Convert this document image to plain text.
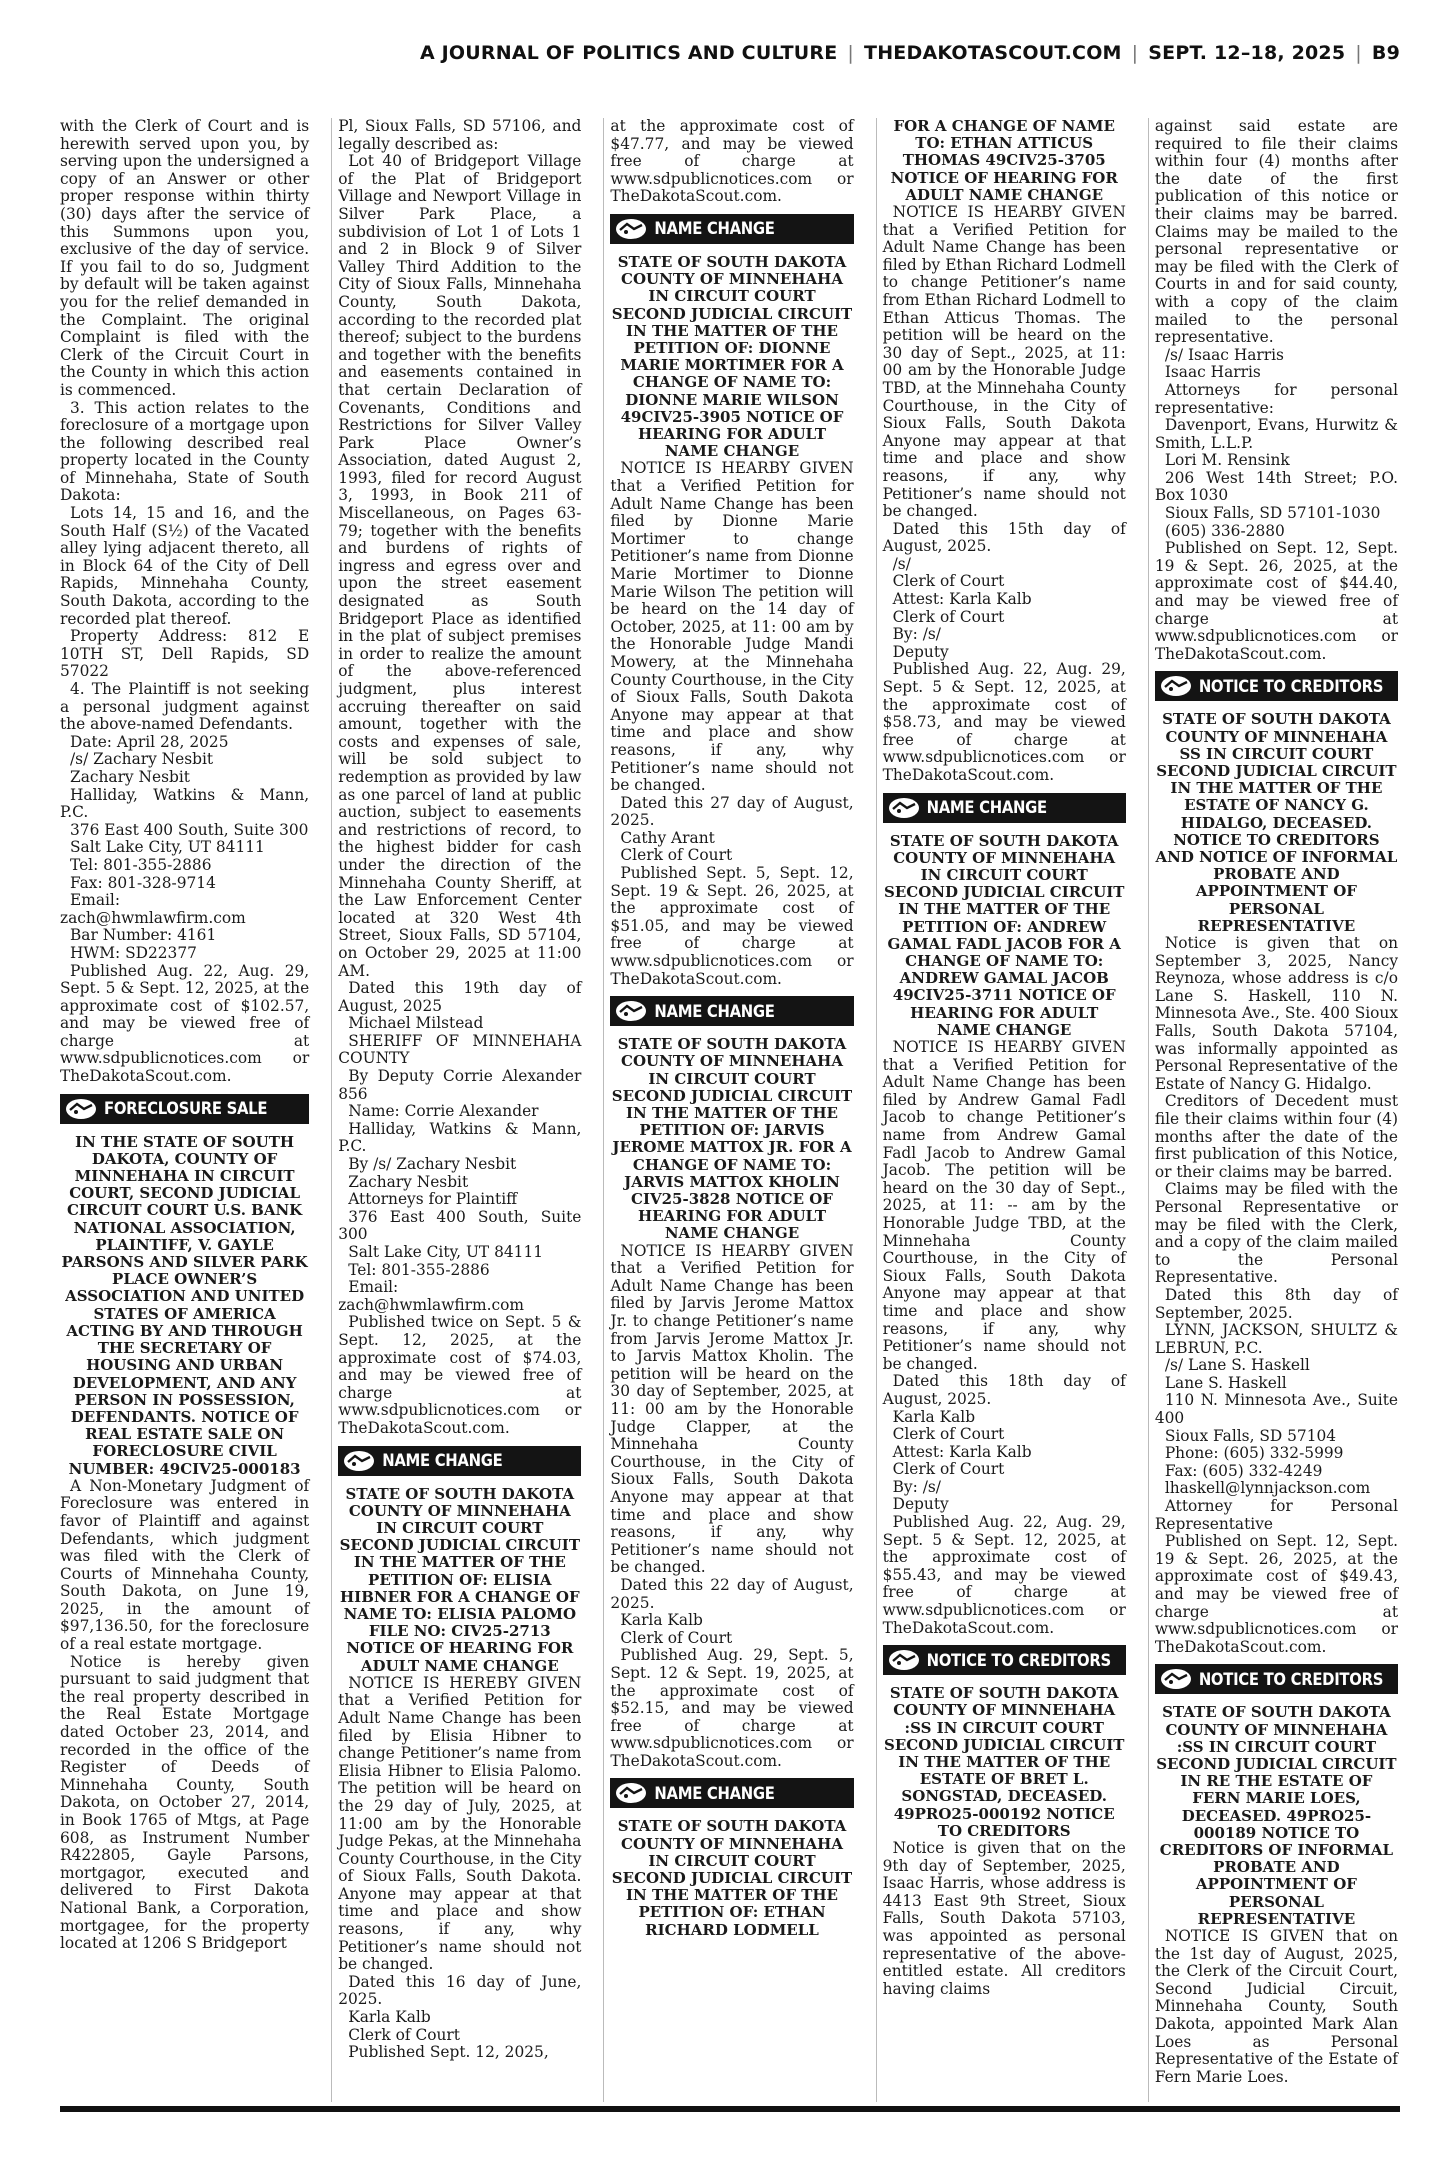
A JOURNAL OF POLITICS AND CULTURE | THEDAKOTASCOUT.COM | SEPT. 12–18, 2025 | B9

with the Clerk of Court and is herewith served upon you, by serving upon the undersigned a copy of an Answer or other proper response within thirty (30) days after the service of this Summons upon you, exclusive of the day of service. If you fail to do so, Judgment by default will be taken against you for the relief demanded in the Complaint. The original Complaint is filed with the Clerk of the Circuit Court in the County in which this action is commenced.

3. This action relates to the foreclosure of a mortgage upon the following described real property located in the County of Minnehaha, State of South Dakota:

Lots 14, 15 and 16, and the South Half (S½) of the Vacated alley lying adjacent thereto, all in Block 64 of the City of Dell Rapids, Minnehaha County, South Dakota, according to the recorded plat thereof.

Property Address: 812 E 10TH ST, Dell Rapids, SD 57022

4. The Plaintiff is not seeking a personal judgment against the above-named Defendants.

Date: April 28, 2025

/s/ Zachary Nesbit

Zachary Nesbit

Halliday, Watkins & Mann, P.C.

376 East 400 South, Suite 300

Salt Lake City, UT 84111

Tel: 801-355-2886

Fax: 801-328-9714

Email: zach@hwmlawfirm.com

Bar Number: 4161

HWM: SD22377

Published Aug. 22, Aug. 29, Sept. 5 & Sept. 12, 2025, at the approximate cost of $102.57, and may be viewed free of charge at www.sdpublicnotices.com or TheDakotaScout.com.

FORECLOSURE SALE

IN THE STATE OF SOUTH DAKOTA, COUNTY OF MINNEHAHA IN CIRCUIT COURT, SECOND JUDICIAL CIRCUIT COURT U.S. BANK NATIONAL ASSOCIATION, PLAINTIFF, V. GAYLE PARSONS AND SILVER PARK PLACE OWNER’S ASSOCIATION AND UNITED STATES OF AMERICA ACTING BY AND THROUGH THE SECRETARY OF HOUSING AND URBAN DEVELOPMENT, AND ANY PERSON IN POSSESSION, DEFENDANTS. NOTICE OF REAL ESTATE SALE ON FORECLOSURE CIVIL NUMBER: 49CIV25-000183

A Non-Monetary Judgment of Foreclosure was entered in favor of Plaintiff and against Defendants, which judgment was filed with the Clerk of Courts of Minnehaha County, South Dakota, on June 19, 2025, in the amount of $97,136.50, for the foreclosure of a real estate mortgage.

Notice is hereby given pursuant to said judgment that the real property described in the Real Estate Mortgage dated October 23, 2014, and recorded in the office of the Register of Deeds of Minnehaha County, South Dakota, on October 27, 2014, in Book 1765 of Mtgs, at Page 608, as Instrument Number R422805, Gayle Parsons, mortgagor, executed and delivered to First Dakota National Bank, a Corporation, mortgagee, for the property located at 1206 S Bridgeport

Pl, Sioux Falls, SD 57106, and legally described as:

Lot 40 of Bridgeport Village of the Plat of Bridgeport Village and Newport Village in Silver Park Place, a subdivision of Lot 1 of Lots 1 and 2 in Block 9 of Silver Valley Third Addition to the City of Sioux Falls, Minnehaha County, South Dakota, according to the recorded plat thereof; subject to the burdens and together with the benefits and easements contained in that certain Declaration of Covenants, Conditions and Restrictions for Silver Valley Park Place Owner’s Association, dated August 2, 1993, filed for record August 3, 1993, in Book 211 of Miscellaneous, on Pages 63-79; together with the benefits and burdens of rights of ingress and egress over and upon the street easement designated as South Bridgeport Place as identified in the plat of subject premises in order to realize the amount of the above-referenced judgment, plus interest accruing thereafter on said amount, together with the costs and expenses of sale, will be sold subject to redemption as provided by law as one parcel of land at public auction, subject to easements and restrictions of record, to the highest bidder for cash under the direction of the Minnehaha County Sheriff, at the Law Enforcement Center located at 320 West 4th Street, Sioux Falls, SD 57104, on October 29, 2025 at 11:00 AM.

Dated this 19th day of August, 2025

Michael Milstead

SHERIFF OF MINNEHAHA COUNTY

By Deputy Corrie Alexander 856

Name: Corrie Alexander

Halliday, Watkins & Mann, P.C.

By /s/ Zachary Nesbit

Zachary Nesbit

Attorneys for Plaintiff

376 East 400 South, Suite 300

Salt Lake City, UT 84111

Tel: 801-355-2886

Email: zach@hwmlawfirm.com

Published twice on Sept. 5 & Sept. 12, 2025, at the approximate cost of $74.03, and may be viewed free of charge at www.sdpublicnotices.com or TheDakotaScout.com.

NAME CHANGE

STATE OF SOUTH DAKOTA COUNTY OF MINNEHAHA IN CIRCUIT COURT SECOND JUDICIAL CIRCUIT IN THE MATTER OF THE PETITION OF: ELISIA HIBNER FOR A CHANGE OF NAME TO: ELISIA PALOMO FILE NO: CIV25-2713 NOTICE OF HEARING FOR ADULT NAME CHANGE

NOTICE IS HEREBY GIVEN that a Verified Petition for Adult Name Change has been filed by Elisia Hibner to change Petitioner’s name from Elisia Hibner to Elisia Palomo. The petition will be heard on the 29 day of July, 2025, at 11:00 am by the Honorable Judge Pekas, at the Minnehaha County Courthouse, in the City of Sioux Falls, South Dakota. Anyone may appear at that time and place and show reasons, if any, why Petitioner’s name should not be changed.

Dated this 16 day of June, 2025.

Karla Kalb

Clerk of Court

Published Sept. 12, 2025,

at the approximate cost of $47.77, and may be viewed free of charge at www.sdpublicnotices.com or TheDakotaScout.com.

NAME CHANGE

STATE OF SOUTH DAKOTA COUNTY OF MINNEHAHA IN CIRCUIT COURT SECOND JUDICIAL CIRCUIT IN THE MATTER OF THE PETITION OF: DIONNE MARIE MORTIMER FOR A CHANGE OF NAME TO: DIONNE MARIE WILSON 49CIV25-3905 NOTICE OF HEARING FOR ADULT NAME CHANGE

NOTICE IS HEARBY GIVEN that a Verified Petition for Adult Name Change has been filed by Dionne Marie Mortimer to change Petitioner’s name from Dionne Marie Mortimer to Dionne Marie Wilson The petition will be heard on the 14 day of October, 2025, at 11: 00 am by the Honorable Judge Mandi Mowery, at the Minnehaha County Courthouse, in the City of Sioux Falls, South Dakota Anyone may appear at that time and place and show reasons, if any, why Petitioner’s name should not be changed.

Dated this 27 day of August, 2025.

Cathy Arant

Clerk of Court

Published Sept. 5, Sept. 12, Sept. 19 & Sept. 26, 2025, at the approximate cost of $51.05, and may be viewed free of charge at www.sdpublicnotices.com or TheDakotaScout.com.

NAME CHANGE

STATE OF SOUTH DAKOTA COUNTY OF MINNEHAHA IN CIRCUIT COURT SECOND JUDICIAL CIRCUIT IN THE MATTER OF THE PETITION OF: JARVIS JEROME MATTOX JR. FOR A CHANGE OF NAME TO: JARVIS MATTOX KHOLIN CIV25-3828 NOTICE OF HEARING FOR ADULT NAME CHANGE

NOTICE IS HEARBY GIVEN that a Verified Petition for Adult Name Change has been filed by Jarvis Jerome Mattox Jr. to change Petitioner’s name from Jarvis Jerome Mattox Jr. to Jarvis Mattox Kholin. The petition will be heard on the 30 day of September, 2025, at 11: 00 am by the Honorable Judge Clapper, at the Minnehaha County Courthouse, in the City of Sioux Falls, South Dakota Anyone may appear at that time and place and show reasons, if any, why Petitioner’s name should not be changed.

Dated this 22 day of August, 2025.

Karla Kalb

Clerk of Court

Published Aug. 29, Sept. 5, Sept. 12 & Sept. 19, 2025, at the approximate cost of $52.15, and may be viewed free of charge at www.sdpublicnotices.com or TheDakotaScout.com.

NAME CHANGE

STATE OF SOUTH DAKOTA COUNTY OF MINNEHAHA IN CIRCUIT COURT SECOND JUDICIAL CIRCUIT IN THE MATTER OF THE PETITION OF: ETHAN RICHARD LODMELL

FOR A CHANGE OF NAME TO: ETHAN ATTICUS THOMAS 49CIV25-3705 NOTICE OF HEARING FOR ADULT NAME CHANGE

NOTICE IS HEARBY GIVEN that a Verified Petition for Adult Name Change has been filed by Ethan Richard Lodmell to change Petitioner’s name from Ethan Richard Lodmell to Ethan Atticus Thomas. The petition will be heard on the 30 day of Sept., 2025, at 11: 00 am by the Honorable Judge TBD, at the Minnehaha County Courthouse, in the City of Sioux Falls, South Dakota Anyone may appear at that time and place and show reasons, if any, why Petitioner’s name should not be changed.

Dated this 15th day of August, 2025.

/s/

Clerk of Court

Attest: Karla Kalb

Clerk of Court

By: /s/

Deputy

Published Aug. 22, Aug. 29, Sept. 5 & Sept. 12, 2025, at the approximate cost of $58.73, and may be viewed free of charge at www.sdpublicnotices.com or TheDakotaScout.com.

NAME CHANGE

STATE OF SOUTH DAKOTA COUNTY OF MINNEHAHA IN CIRCUIT COURT SECOND JUDICIAL CIRCUIT IN THE MATTER OF THE PETITION OF: ANDREW GAMAL FADL JACOB FOR A CHANGE OF NAME TO: ANDREW GAMAL JACOB 49CIV25-3711 NOTICE OF HEARING FOR ADULT NAME CHANGE

NOTICE IS HEARBY GIVEN that a Verified Petition for Adult Name Change has been filed by Andrew Gamal Fadl Jacob to change Petitioner’s name from Andrew Gamal Fadl Jacob to Andrew Gamal Jacob. The petition will be heard on the 30 day of Sept., 2025, at 11: -- am by the Honorable Judge TBD, at the Minnehaha County Courthouse, in the City of Sioux Falls, South Dakota Anyone may appear at that time and place and show reasons, if any, why Petitioner’s name should not be changed.

Dated this 18th day of August, 2025.

Karla Kalb

Clerk of Court

Attest: Karla Kalb

Clerk of Court

By: /s/

Deputy

Published Aug. 22, Aug. 29, Sept. 5 & Sept. 12, 2025, at the approximate cost of $55.43, and may be viewed free of charge at www.sdpublicnotices.com or TheDakotaScout.com.

NOTICE TO CREDITORS

STATE OF SOUTH DAKOTA COUNTY OF MINNEHAHA :SS IN CIRCUIT COURT SECOND JUDICIAL CIRCUIT IN THE MATTER OF THE ESTATE OF BRET L. SONGSTAD, DECEASED. 49PRO25-000192 NOTICE TO CREDITORS

Notice is given that on the 9th day of September, 2025, Isaac Harris, whose address is 4413 East 9th Street, Sioux Falls, South Dakota 57103, was appointed as personal representative of the above-entitled estate. All creditors having claims

against said estate are required to file their claims within four (4) months after the date of the first publication of this notice or their claims may be barred. Claims may be mailed to the personal representative or may be filed with the Clerk of Courts in and for said county, with a copy of the claim mailed to the personal representative.

/s/ Isaac Harris

Isaac Harris

Attorneys for personal representative:

Davenport, Evans, Hurwitz & Smith, L.L.P.

Lori M. Rensink

206 West 14th Street; P.O. Box 1030

Sioux Falls, SD 57101-1030

(605) 336-2880

Published on Sept. 12, Sept. 19 & Sept. 26, 2025, at the approximate cost of $44.40, and may be viewed free of charge at www.sdpublicnotices.com or TheDakotaScout.com.

NOTICE TO CREDITORS

STATE OF SOUTH DAKOTA COUNTY OF MINNEHAHA SS IN CIRCUIT COURT SECOND JUDICIAL CIRCUIT IN THE MATTER OF THE ESTATE OF NANCY G. HIDALGO, DECEASED. NOTICE TO CREDITORS AND NOTICE OF INFORMAL PROBATE AND APPOINTMENT OF PERSONAL REPRESENTATIVE

Notice is given that on September 3, 2025, Nancy Reynoza, whose address is c/o Lane S. Haskell, 110 N. Minnesota Ave., Ste. 400 Sioux Falls, South Dakota 57104, was informally appointed as Personal Representative of the Estate of Nancy G. Hidalgo.

Creditors of Decedent must file their claims within four (4) months after the date of the first publication of this Notice, or their claims may be barred.

Claims may be filed with the Personal Representative or may be filed with the Clerk, and a copy of the claim mailed to the Personal Representative.

Dated this 8th day of September, 2025.

LYNN, JACKSON, SHULTZ & LEBRUN, P.C.

/s/ Lane S. Haskell

Lane S. Haskell

110 N. Minnesota Ave., Suite 400

Sioux Falls, SD 57104

Phone: (605) 332-5999

Fax: (605) 332-4249

lhaskell@lynnjackson.com

Attorney for Personal Representative

Published on Sept. 12, Sept. 19 & Sept. 26, 2025, at the approximate cost of $49.43, and may be viewed free of charge at www.sdpublicnotices.com or TheDakotaScout.com.

NOTICE TO CREDITORS

STATE OF SOUTH DAKOTA COUNTY OF MINNEHAHA :SS IN CIRCUIT COURT SECOND JUDICIAL CIRCUIT IN RE THE ESTATE OF FERN MARIE LOES, DECEASED. 49PRO25-000189 NOTICE TO CREDITORS OF INFORMAL PROBATE AND APPOINTMENT OF PERSONAL REPRESENTATIVE

NOTICE IS GIVEN that on the 1st day of August, 2025, the Clerk of the Circuit Court, Second Judicial Circuit, Minnehaha County, South Dakota, appointed Mark Alan Loes as Personal Representative of the Estate of Fern Marie Loes.
